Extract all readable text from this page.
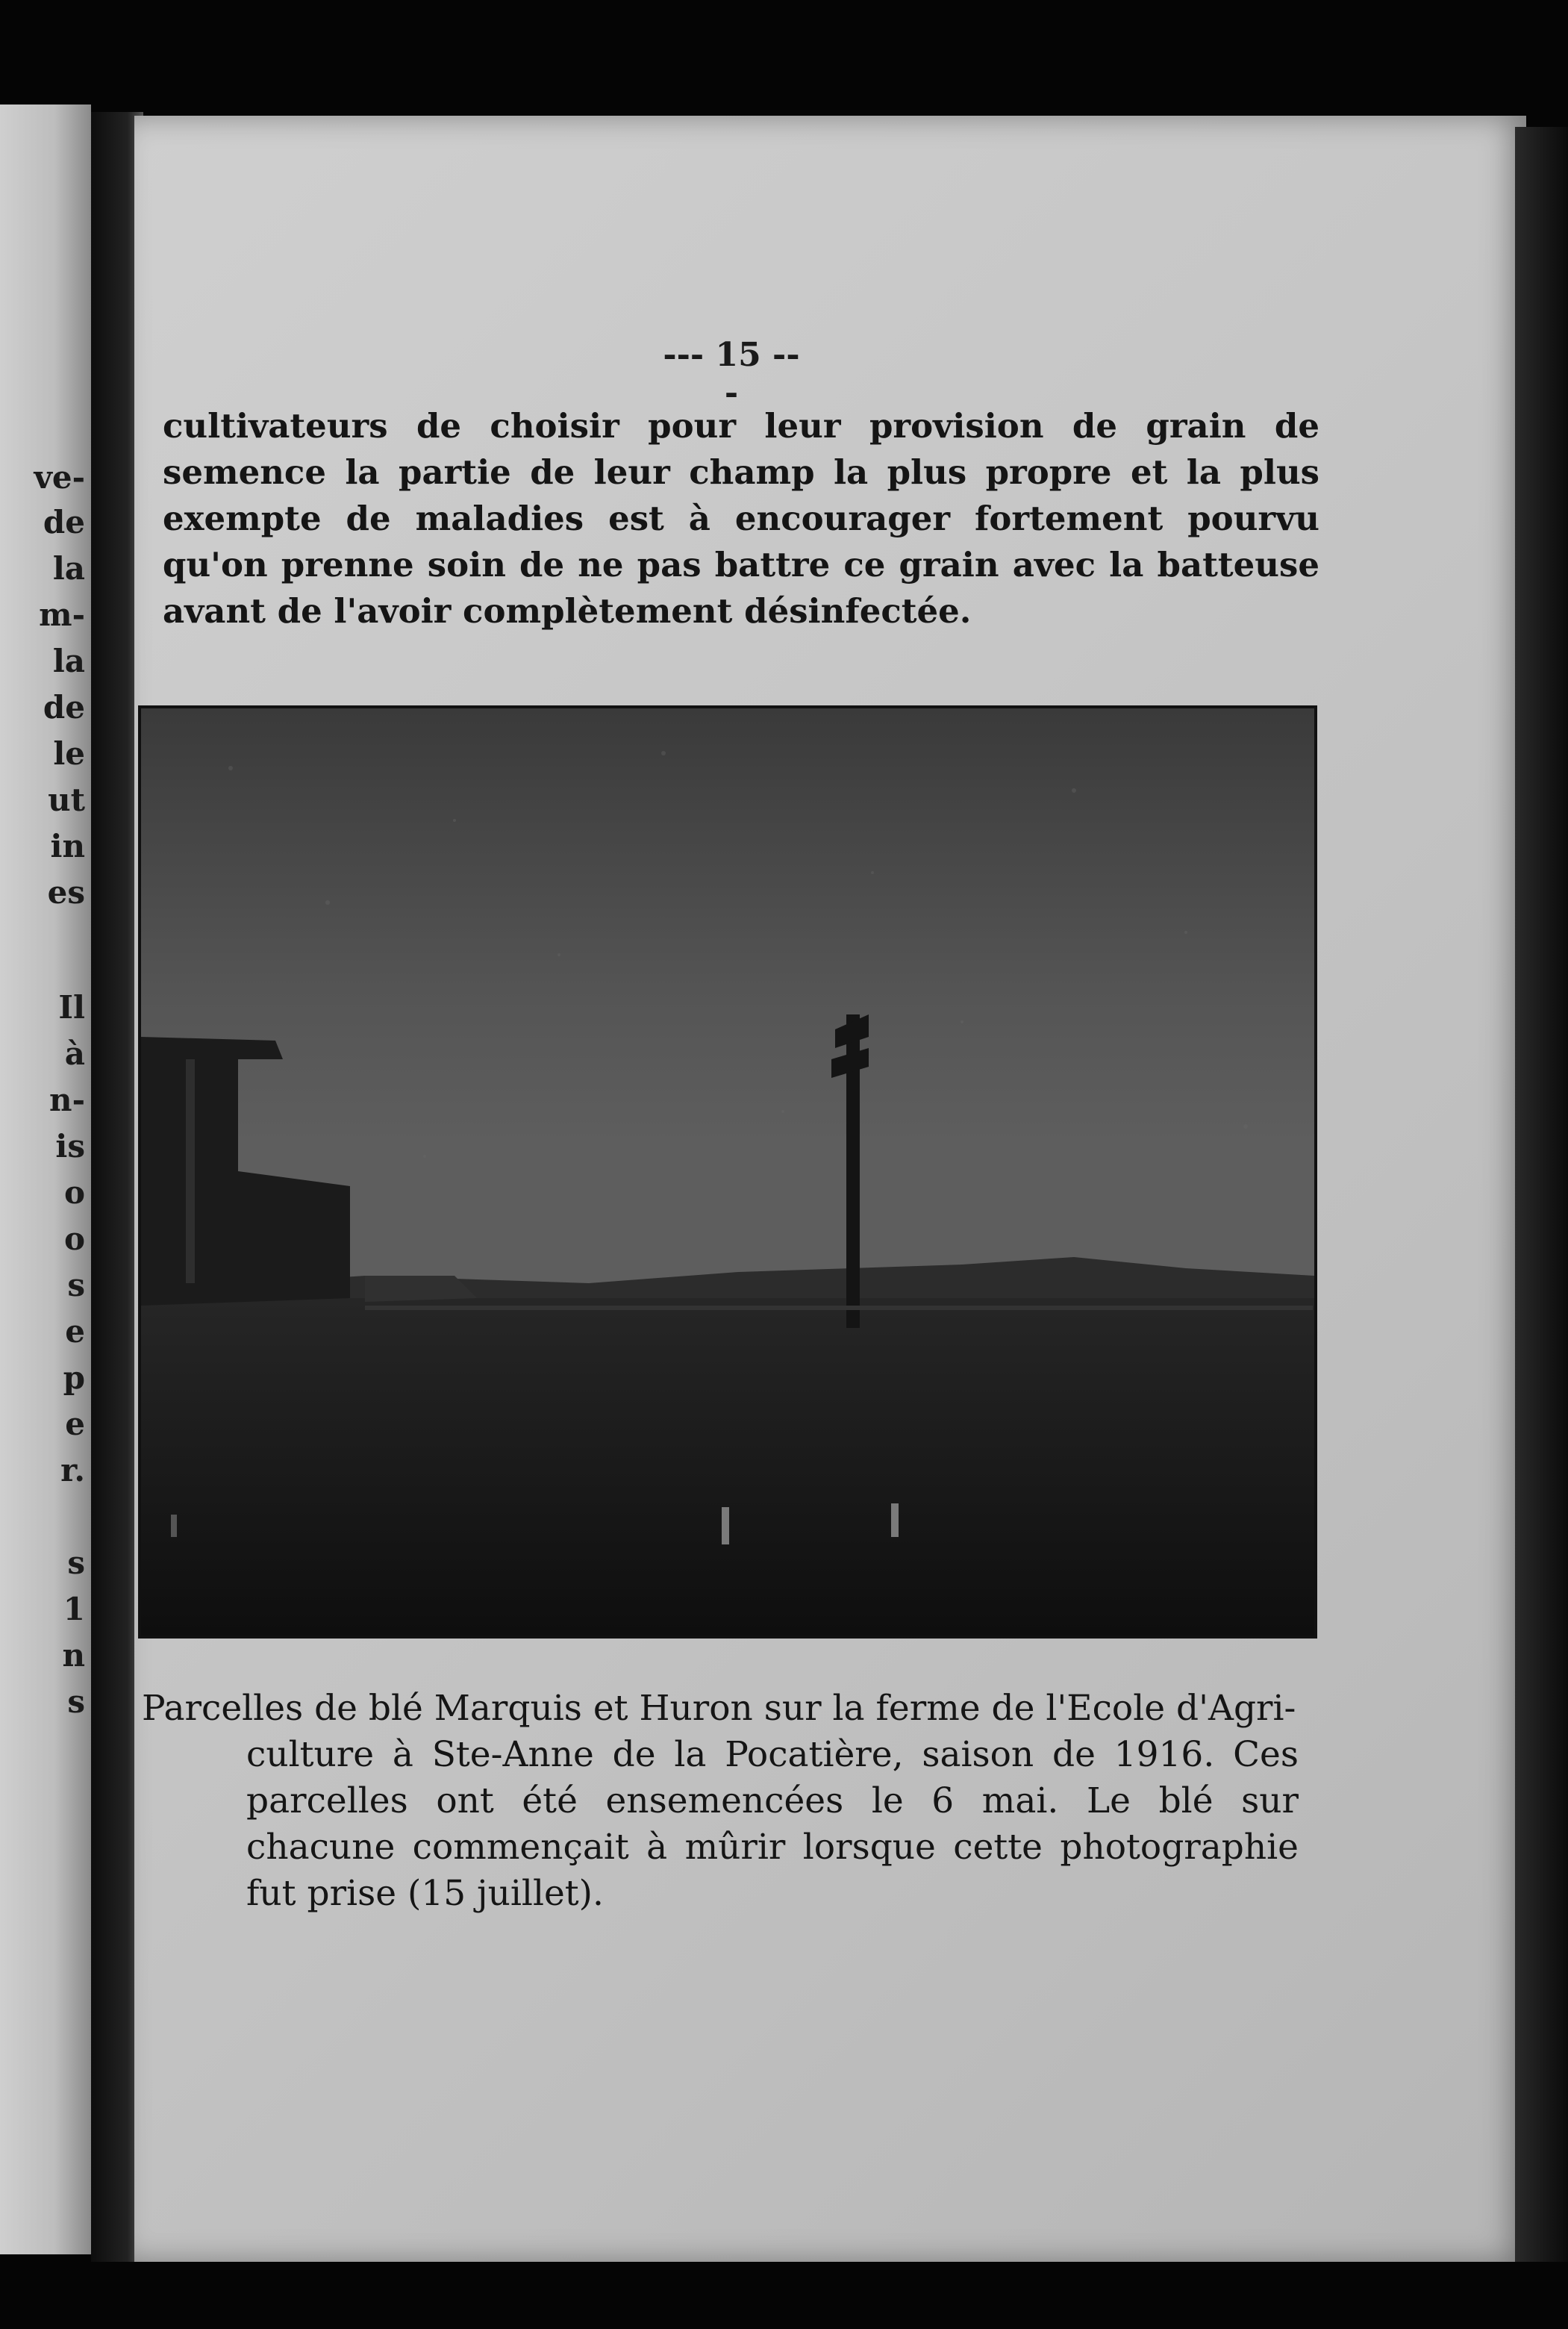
ve-
de
la
m-
la
de
le
ut
in
es
Il
à
n-
is
o
o
s
e
p
e
r.
s
1
n
s
--- 15 ---

cultivateurs de choisir pour leur provision de grain de semence la partie de leur champ la plus propre et la plus exempte de maladies est à encourager fortement pourvu qu'on prenne soin de ne pas battre ce grain avec la batteuse avant de l'avoir complètement désinfectée.

Parcelles de blé Marquis et Huron sur la ferme de l'Ecole d'Agri-
culture à Ste-Anne de la Pocatière, saison de 1916. Ces parcelles ont été ensemencées le 6 mai. Le blé sur chacune commençait à mûrir lorsque cette photographie fut prise (15 juillet).
